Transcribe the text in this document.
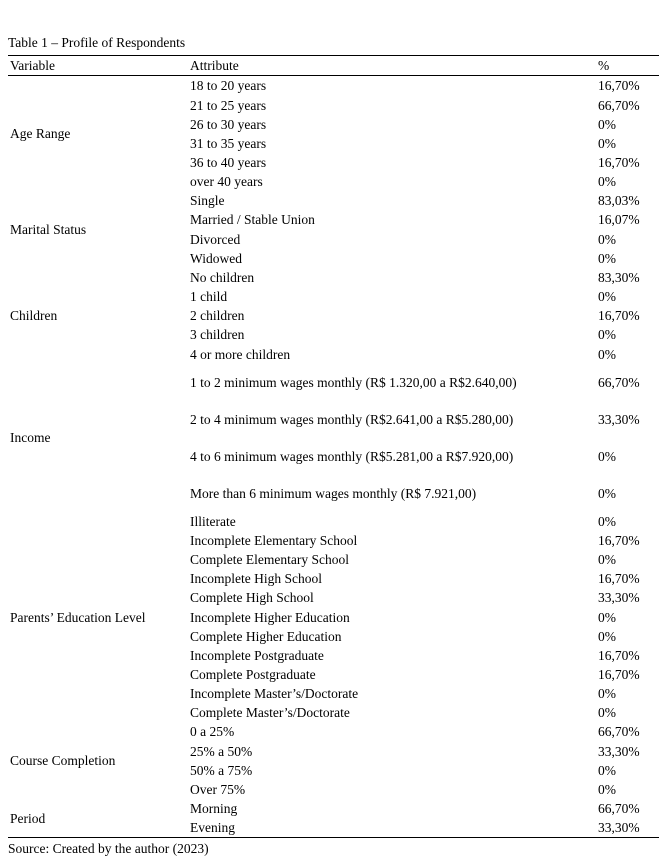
Table 1 – Profile of Respondents
Variable	Attribute	%
Age Range	18 to 20 years	16,70%
	21 to 25 years	66,70%
	26 to 30 years	0%
	31 to 35 years	0%
	36 to 40 years	16,70%
	over 40 years	0%
Marital Status	Single	83,03%
	Married / Stable Union	16,07%
	Divorced	0%
	Widowed	0%
Children	No children	83,30%
	1 child	0%
	2 children	16,70%
	3 children	0%
	4 or more children	0%
Income	1 to 2 minimum wages monthly (R$ 1.320,00 a R$2.640,00)	66,70%
	2 to 4 minimum wages monthly (R$2.641,00 a R$5.280,00)	33,30%
	4 to 6 minimum wages monthly (R$5.281,00 a R$7.920,00)	0%
	More than 6 minimum wages monthly (R$ 7.921,00)	0%
Parents’ Education Level	Illiterate	0%
	Incomplete Elementary School	16,70%
	Complete Elementary School	0%
	Incomplete High School	16,70%
	Complete High School	33,30%
	Incomplete Higher Education	0%
	Complete Higher Education	0%
	Incomplete Postgraduate	16,70%
	Complete Postgraduate	16,70%
	Incomplete Master’s/Doctorate	0%
	Complete Master’s/Doctorate	0%
Course Completion	0 a 25%	66,70%
	25% a 50%	33,30%
	50% a 75%	0%
	Over 75%	0%
Period	Morning	66,70%
	Evening	33,30%
Source: Created by the author (2023)
